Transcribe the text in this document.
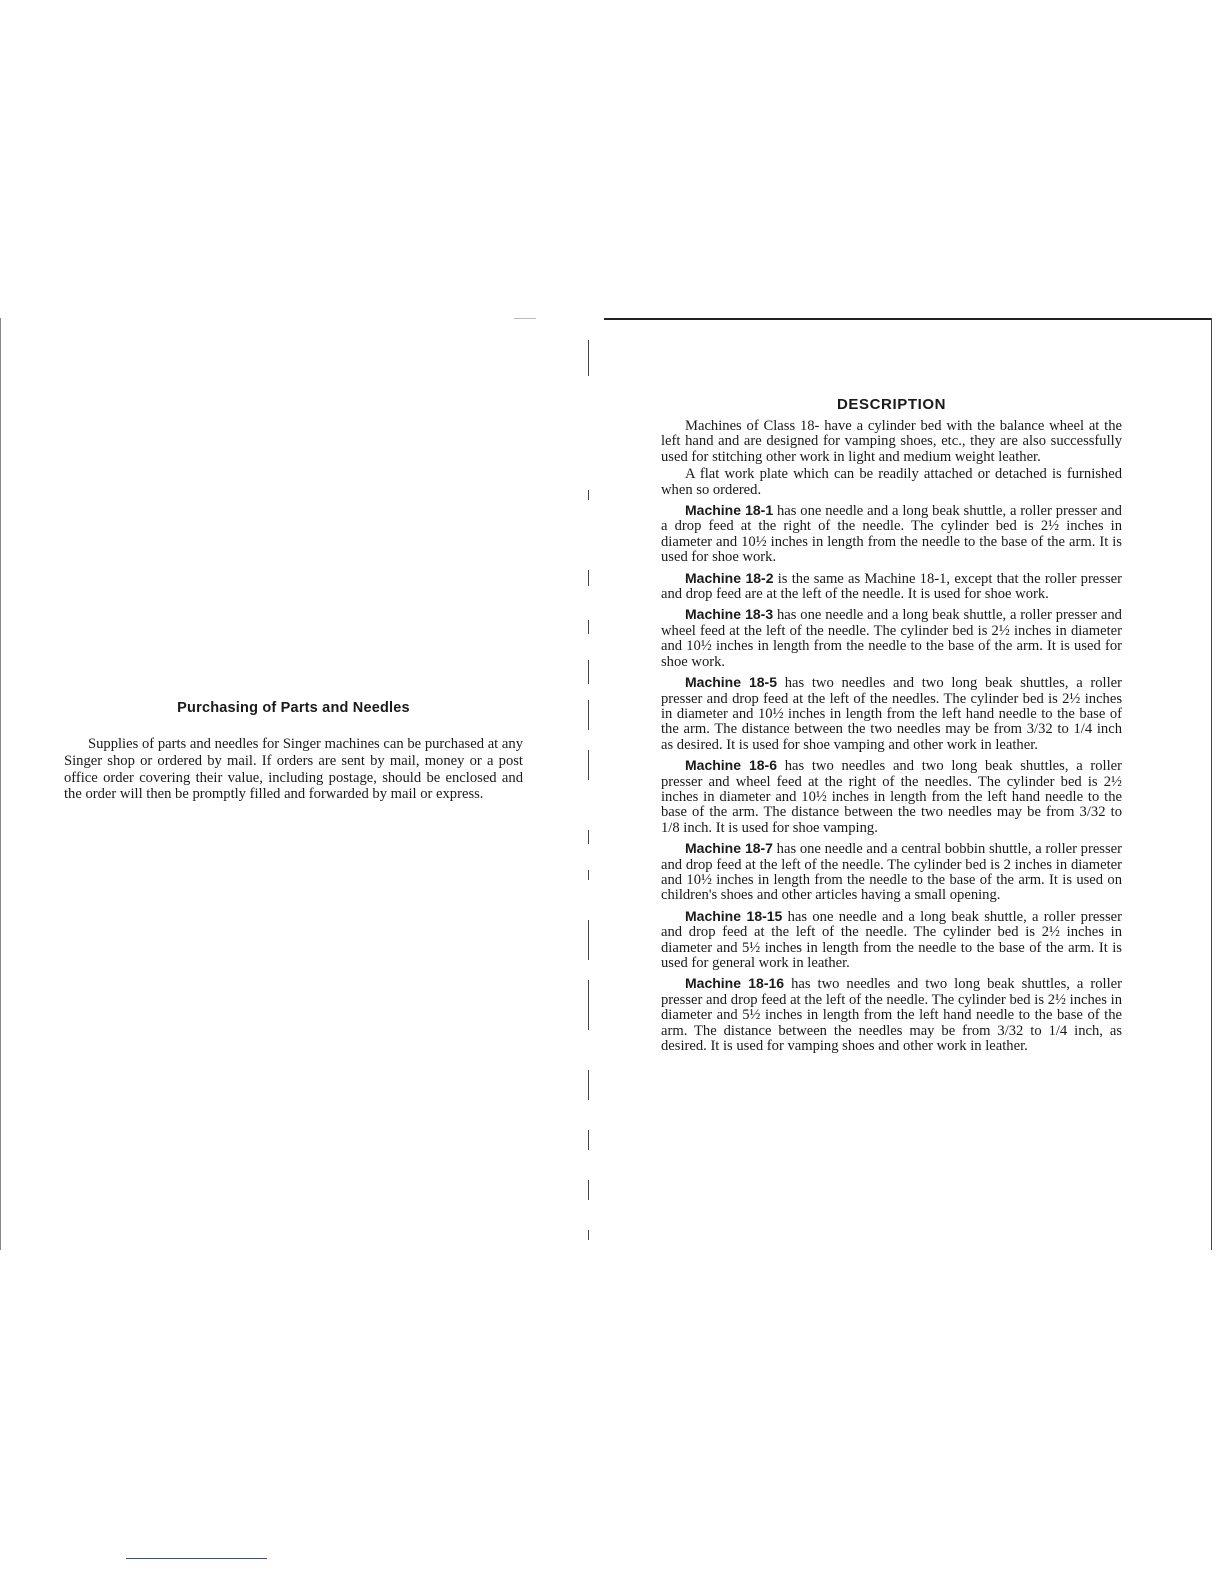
Purchasing of Parts and Needles

Supplies of parts and needles for Singer machines can be purchased at any Singer shop or ordered by mail. If orders are sent by mail, money or a post office order covering their value, including postage, should be enclosed and the order will then be promptly filled and forwarded by mail or express.

DESCRIPTION

Machines of Class 18- have a cylinder bed with the balance wheel at the left hand and are designed for vamping shoes, etc., they are also successfully used for stitching other work in light and medium weight leather.

A flat work plate which can be readily attached or detached is furnished when so ordered.

Machine 18-1 has one needle and a long beak shuttle, a roller presser and a drop feed at the right of the needle. The cylinder bed is 2½ inches in diameter and 10½ inches in length from the needle to the base of the arm. It is used for shoe work.

Machine 18-2 is the same as Machine 18-1, except that the roller presser and drop feed are at the left of the needle. It is used for shoe work.

Machine 18-3 has one needle and a long beak shuttle, a roller presser and wheel feed at the left of the needle. The cylinder bed is 2½ inches in diameter and 10½ inches in length from the needle to the base of the arm. It is used for shoe work.

Machine 18-5 has two needles and two long beak shuttles, a roller presser and drop feed at the left of the needles. The cylinder bed is 2½ inches in diameter and 10½ inches in length from the left hand needle to the base of the arm. The distance between the two needles may be from 3/32 to 1/4 inch as desired. It is used for shoe vamping and other work in leather.

Machine 18-6 has two needles and two long beak shuttles, a roller presser and wheel feed at the right of the needles. The cylinder bed is 2½ inches in diameter and 10½ inches in length from the left hand needle to the base of the arm. The distance between the two needles may be from 3/32 to 1/8 inch. It is used for shoe vamping.

Machine 18-7 has one needle and a central bobbin shuttle, a roller presser and drop feed at the left of the needle. The cylinder bed is 2 inches in diameter and 10½ inches in length from the needle to the base of the arm. It is used on children's shoes and other articles having a small opening.

Machine 18-15 has one needle and a long beak shuttle, a roller presser and drop feed at the left of the needle. The cylinder bed is 2½ inches in diameter and 5½ inches in length from the needle to the base of the arm. It is used for general work in leather.

Machine 18-16 has two needles and two long beak shuttles, a roller presser and drop feed at the left of the needle. The cylinder bed is 2½ inches in diameter and 5½ inches in length from the left hand needle to the base of the arm. The distance between the needles may be from 3/32 to 1/4 inch, as desired. It is used for vamping shoes and other work in leather.
